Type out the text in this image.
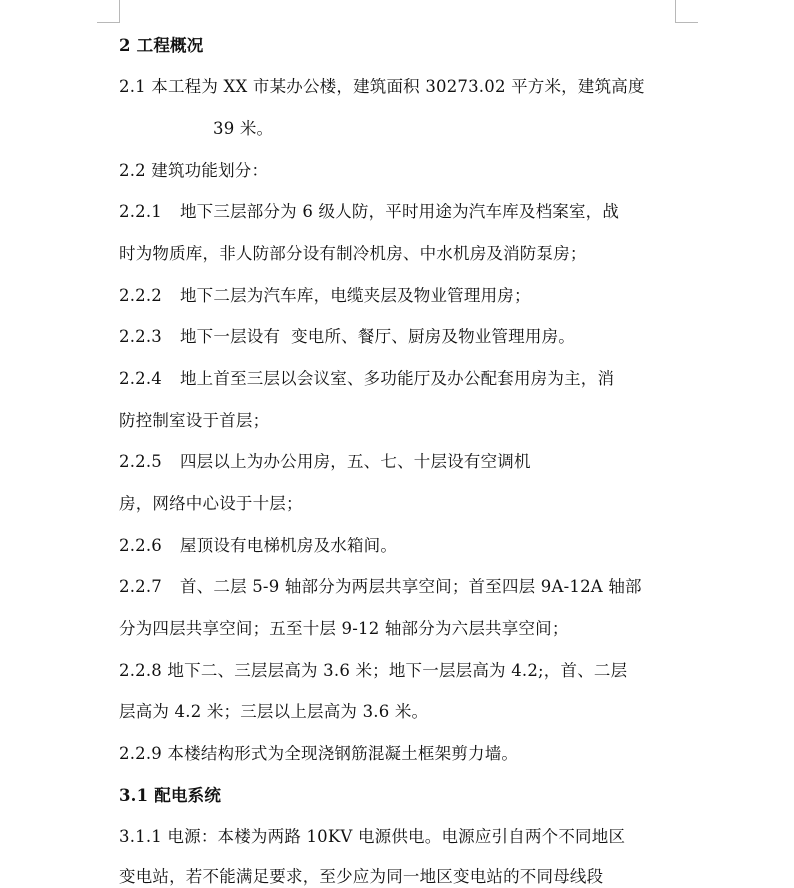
2 工程概况
2.1 本工程为 XX 市某办公楼，建筑面积 30273.02 平方米，建筑高度
39 米。
2.2 建筑功能划分：
2.2.1 地下三层部分为 6 级人防，平时用途为汽车库及档案室，战
时为物质库，非人防部分设有制冷机房、中水机房及消防泵房；
2.2.2 地下二层为汽车库，电缆夹层及物业管理用房；
2.2.3 地下一层设有  变电所、餐厅、厨房及物业管理用房。
2.2.4 地上首至三层以会议室、多功能厅及办公配套用房为主，消
防控制室设于首层；
2.2.5 四层以上为办公用房，五、七、十层设有空调机
房，网络中心设于十层；
2.2.6 屋顶设有电梯机房及水箱间。
2.2.7 首、二层 5-9 轴部分为两层共享空间；首至四层 9A-12A 轴部
分为四层共享空间；五至十层 9-12 轴部分为六层共享空间；
2.2.8 地下二、三层层高为 3.6 米；地下一层层高为 4.2;，首、二层
层高为 4.2 米；三层以上层高为 3.6 米。
2.2.9 本楼结构形式为全现浇钢筋混凝土框架剪力墙。
3.1 配电系统
3.1.1 电源：本楼为两路 10KV 电源供电。电源应引自两个不同地区
变电站，若不能满足要求，至少应为同一地区变电站的不同母线段
